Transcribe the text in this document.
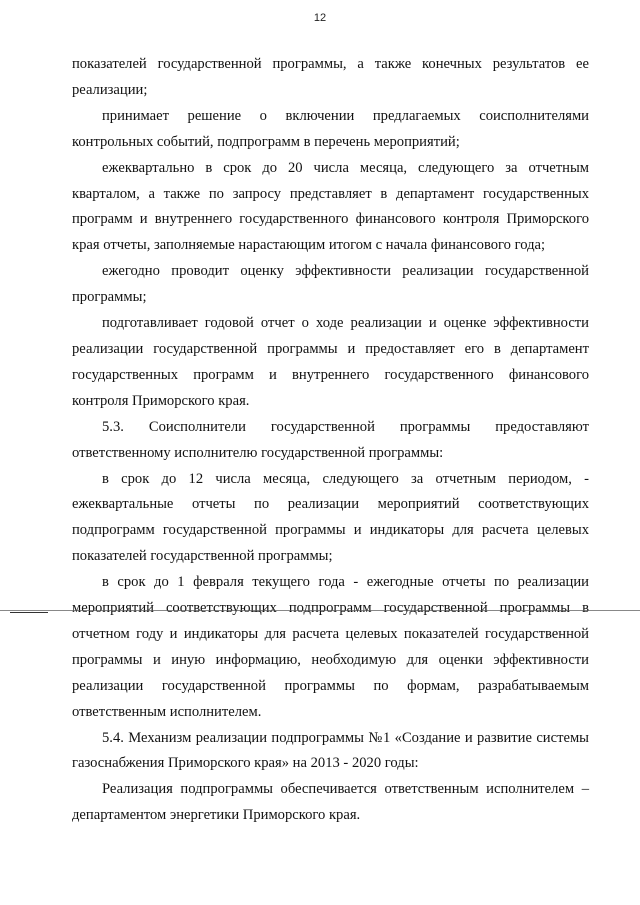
12

показателей государственной программы, а также конечных результатов ее реализации;

принимает решение о включении предлагаемых соисполнителями контрольных событий, подпрограмм в перечень мероприятий;

ежеквартально в срок до 20 числа месяца, следующего за отчетным кварталом, а также по запросу представляет в департамент государственных программ и внутреннего государственного финансового контроля Приморского края отчеты, заполняемые нарастающим итогом с начала финансового года;

ежегодно проводит оценку эффективности реализации государственной программы;

подготавливает годовой отчет о ходе реализации и оценке эффективности реализации государственной программы и предоставляет его в департамент государственных программ и внутреннего государственного финансового контроля Приморского края.

5.3. Соисполнители государственной программы предоставляют ответственному исполнителю государственной программы:

в срок до 12 числа месяца, следующего за отчетным периодом, - ежеквартальные отчеты по реализации мероприятий соответствующих подпрограмм государственной программы и индикаторы для расчета целевых показателей государственной программы;

в срок до 1 февраля текущего года - ежегодные отчеты по реализации мероприятий соответствующих подпрограмм государственной программы в отчетном году и индикаторы для расчета целевых показателей государственной программы и иную информацию, необходимую для оценки эффективности реализации государственной программы по формам, разрабатываемым ответственным исполнителем.

5.4. Механизм реализации подпрограммы №1 «Создание и развитие системы газоснабжения Приморского края» на 2013 - 2020 годы:

Реализация подпрограммы обеспечивается ответственным исполнителем – департаментом энергетики Приморского края.
